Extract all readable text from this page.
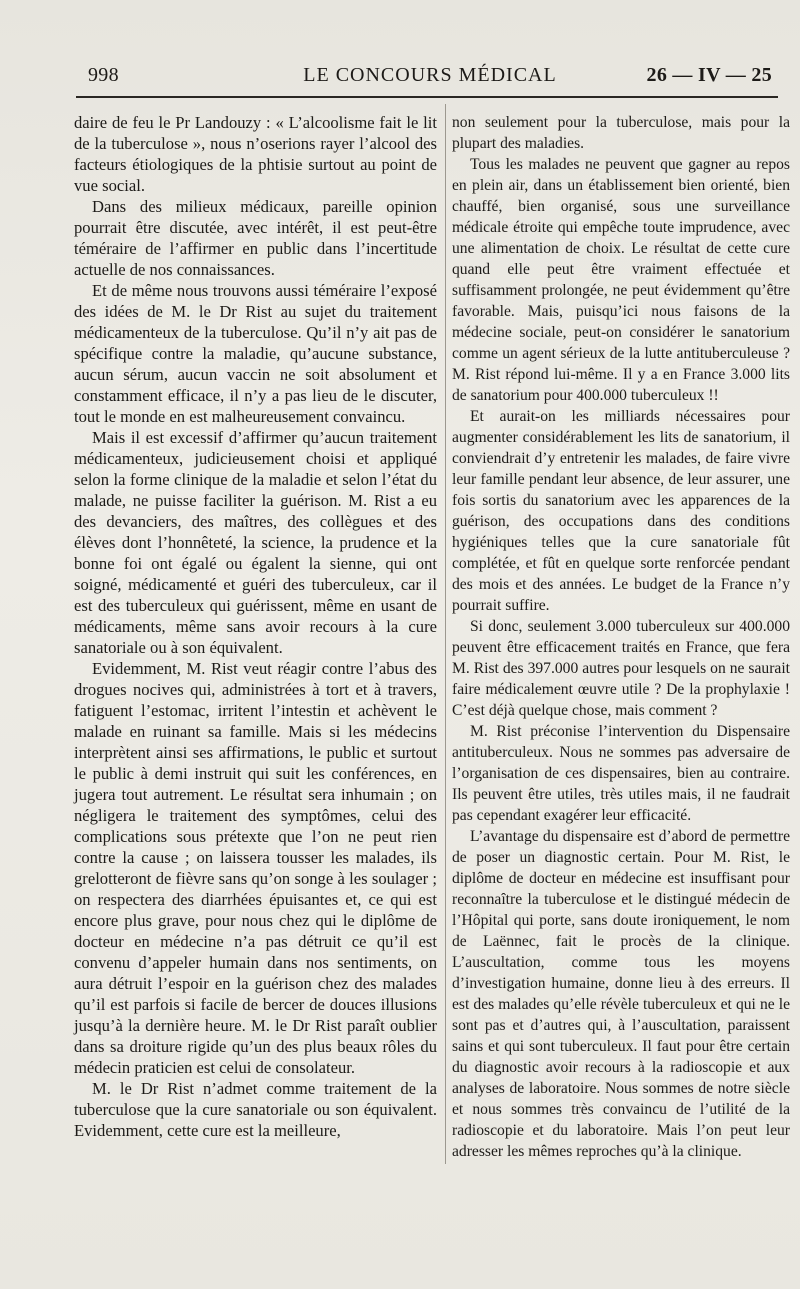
998	LE CONCOURS MÉDICAL	26 — IV — 25

daire de feu le Pr Landouzy : « L’alcoolisme fait le lit de la tuberculose », nous n’oserions rayer l’alcool des facteurs étiologiques de la phtisie surtout au point de vue social.

Dans des milieux médicaux, pareille opinion pourrait être discutée, avec intérêt, il est peut-être téméraire de l’affirmer en public dans l’incertitude actuelle de nos connaissances.

Et de même nous trouvons aussi téméraire l’exposé des idées de M. le Dr Rist au sujet du traitement médicamenteux de la tuberculose. Qu’il n’y ait pas de spécifique contre la maladie, qu’aucune substance, aucun sérum, aucun vaccin ne soit absolument et constamment efficace, il n’y a pas lieu de le discuter, tout le monde en est malheureusement convaincu.

Mais il est excessif d’affirmer qu’aucun traitement médicamenteux, judicieusement choisi et appliqué selon la forme clinique de la maladie et selon l’état du malade, ne puisse faciliter la guérison. M. Rist a eu des devanciers, des maîtres, des collègues et des élèves dont l’honnêteté, la science, la prudence et la bonne foi ont égalé ou égalent la sienne, qui ont soigné, médicamenté et guéri des tuberculeux, car il est des tuberculeux qui guérissent, même en usant de médicaments, même sans avoir recours à la cure sanatoriale ou à son équivalent.

Evidemment, M. Rist veut réagir contre l’abus des drogues nocives qui, administrées à tort et à travers, fatiguent l’estomac, irritent l’intestin et achèvent le malade en ruinant sa famille. Mais si les médecins interprètent ainsi ses affirmations, le public et surtout le public à demi instruit qui suit les conférences, en jugera tout autrement. Le résultat sera inhumain ; on négligera le traitement des symptômes, celui des complications sous prétexte que l’on ne peut rien contre la cause ; on laissera tousser les malades, ils grelotteront de fièvre sans qu’on songe à les soulager ; on respectera des diarrhées épuisantes et, ce qui est encore plus grave, pour nous chez qui le diplôme de docteur en médecine n’a pas détruit ce qu’il est convenu d’appeler humain dans nos sentiments, on aura détruit l’espoir en la guérison chez des malades qu’il est parfois si facile de bercer de douces illusions jusqu’à la dernière heure. M. le Dr Rist paraît oublier dans sa droiture rigide qu’un des plus beaux rôles du médecin praticien est celui de consolateur.

M. le Dr Rist n’admet comme traitement de la tuberculose que la cure sanatoriale ou son équivalent. Evidemment, cette cure est la meilleure,

non seulement pour la tuberculose, mais pour la plupart des maladies.

Tous les malades ne peuvent que gagner au repos en plein air, dans un établissement bien orienté, bien chauffé, bien organisé, sous une surveillance médicale étroite qui empêche toute imprudence, avec une alimentation de choix. Le résultat de cette cure quand elle peut être vraiment effectuée et suffisamment prolongée, ne peut évidemment qu’être favorable. Mais, puisqu’ici nous faisons de la médecine sociale, peut-on considérer le sanatorium comme un agent sérieux de la lutte antituberculeuse ? M. Rist répond lui-même. Il y a en France 3.000 lits de sanatorium pour 400.000 tuberculeux !!

Et aurait-on les milliards nécessaires pour augmenter considérablement les lits de sanatorium, il conviendrait d’y entretenir les malades, de faire vivre leur famille pendant leur absence, de leur assurer, une fois sortis du sanatorium avec les apparences de la guérison, des occupations dans des conditions hygiéniques telles que la cure sanatoriale fût complétée, et fût en quelque sorte renforcée pendant des mois et des années. Le budget de la France n’y pourrait suffire.

Si donc, seulement 3.000 tuberculeux sur 400.000 peuvent être efficacement traités en France, que fera M. Rist des 397.000 autres pour lesquels on ne saurait faire médicalement œuvre utile ? De la prophylaxie ! C’est déjà quelque chose, mais comment ?

M. Rist préconise l’intervention du Dispensaire antituberculeux. Nous ne sommes pas adversaire de l’organisation de ces dispensaires, bien au contraire. Ils peuvent être utiles, très utiles mais, il ne faudrait pas cependant exagérer leur efficacité.

L’avantage du dispensaire est d’abord de permettre de poser un diagnostic certain. Pour M. Rist, le diplôme de docteur en médecine est insuffisant pour reconnaître la tuberculose et le distingué médecin de l’Hôpital qui porte, sans doute ironiquement, le nom de Laënnec, fait le procès de la clinique. L’auscultation, comme tous les moyens d’investigation humaine, donne lieu à des erreurs. Il est des malades qu’elle révèle tuberculeux et qui ne le sont pas et d’autres qui, à l’auscultation, paraissent sains et qui sont tuberculeux. Il faut pour être certain du diagnostic avoir recours à la radioscopie et aux analyses de laboratoire. Nous sommes de notre siècle et nous sommes très convaincu de l’utilité de la radioscopie et du laboratoire. Mais l’on peut leur adresser les mêmes reproches qu’à la clinique.
